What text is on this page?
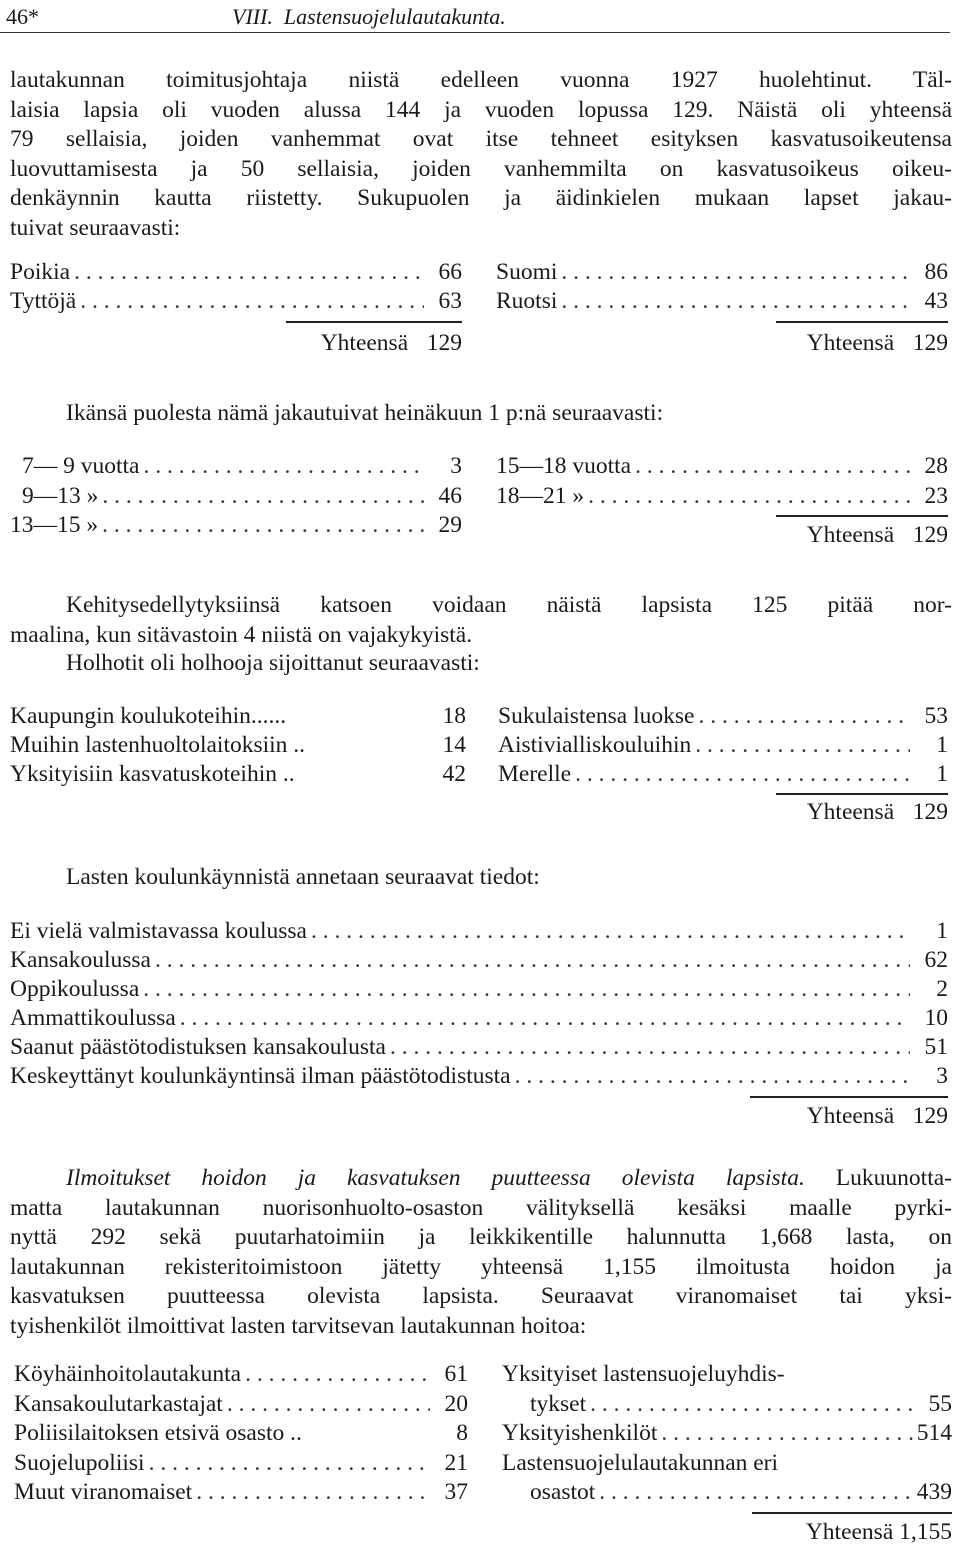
46*	VIII. Lastensuojelulautakunta.
lautakunnan toimitusjohtaja niistä edelleen vuonna 1927 huolehtinut. Täl-
laisia lapsia oli vuoden alussa 144 ja vuoden lopussa 129. Näistä oli yhteensä
79 sellaisia, joiden vanhemmat ovat itse tehneet esityksen kasvatusoikeutensa
luovuttamisesta ja 50 sellaisia, joiden vanhemmilta on kasvatusoikeus oikeu-
denkäynnin kautta riistetty. Sukupuolen ja äidinkielen mukaan lapset jakau-
tuivat seuraavasti:
Poikia . . .	66
Tyttöjä . . .	63
Yhteensä 129
Suomi . . .	86
Ruotsi . . .	43
Yhteensä 129
Ikänsä puolesta nämä jakautuivat heinäkuun 1 p:nä seuraavasti:
7— 9 vuotta . . .	3
9—13 » . . .	46
13—15 » . . .	29
15—18 vuotta . . .	28
18—21 » . . .	23
Yhteensä 129
Kehitysedellytyksiinsä katsoen voidaan näistä lapsista 125 pitää nor-
maalina, kun sitävastoin 4 niistä on vajakykyistä.
Holhotit oli holhooja sijoittanut seuraavasti:
Kaupungin koulukoteihin......	18
Muihin lastenhuoltolaitoksiin ..	14
Yksityisiin kasvatuskoteihin ..	42
Sukulaistensa luokse . . .	53
Aistivialliskouluihin . . .	1
Merelle . . .	1
Yhteensä 129
Lasten koulunkäynnistä annetaan seuraavat tiedot:
Ei vielä valmistavassa koulussa . . .	1
Kansakoulussa . . .	62
Oppikoulussa . . .	2
Ammattikoulussa . . .	10
Saanut päästötodistuksen kansakoulusta . . .	51
Keskeyttänyt koulunkäyntinsä ilman päästötodistusta . . .	3
Yhteensä 129
Ilmoitukset hoidon ja kasvatuksen puutteessa olevista lapsista. Lukuunotta-
matta lautakunnan nuorisonhuolto-osaston välityksellä kesäksi maalle pyrki-
nyttä 292 sekä puutarhatoimiin ja leikkikentille halunnutta 1,668 lasta, on
lautakunnan rekisteritoimistoon jätetty yhteensä 1,155 ilmoitusta hoidon ja
kasvatuksen puutteessa olevista lapsista. Seuraavat viranomaiset tai yksi-
tyishenkilöt ilmoittivat lasten tarvitsevan lautakunnan hoitoa:
Köyhäinhoitolautakunta . . .	61
Kansakoulutarkastajat . . .	20
Poliisilaitoksen etsivä osasto ..	8
Suojelupoliisi . . .	21
Muut viranomaiset . . .	37
Yksityiset lastensuojeluyhdis-
tykset . . .	55
Yksityishenkilöt . . .	514
Lastensuojelulautakunnan eri
osastot . . .	439
Yhteensä 1,155
